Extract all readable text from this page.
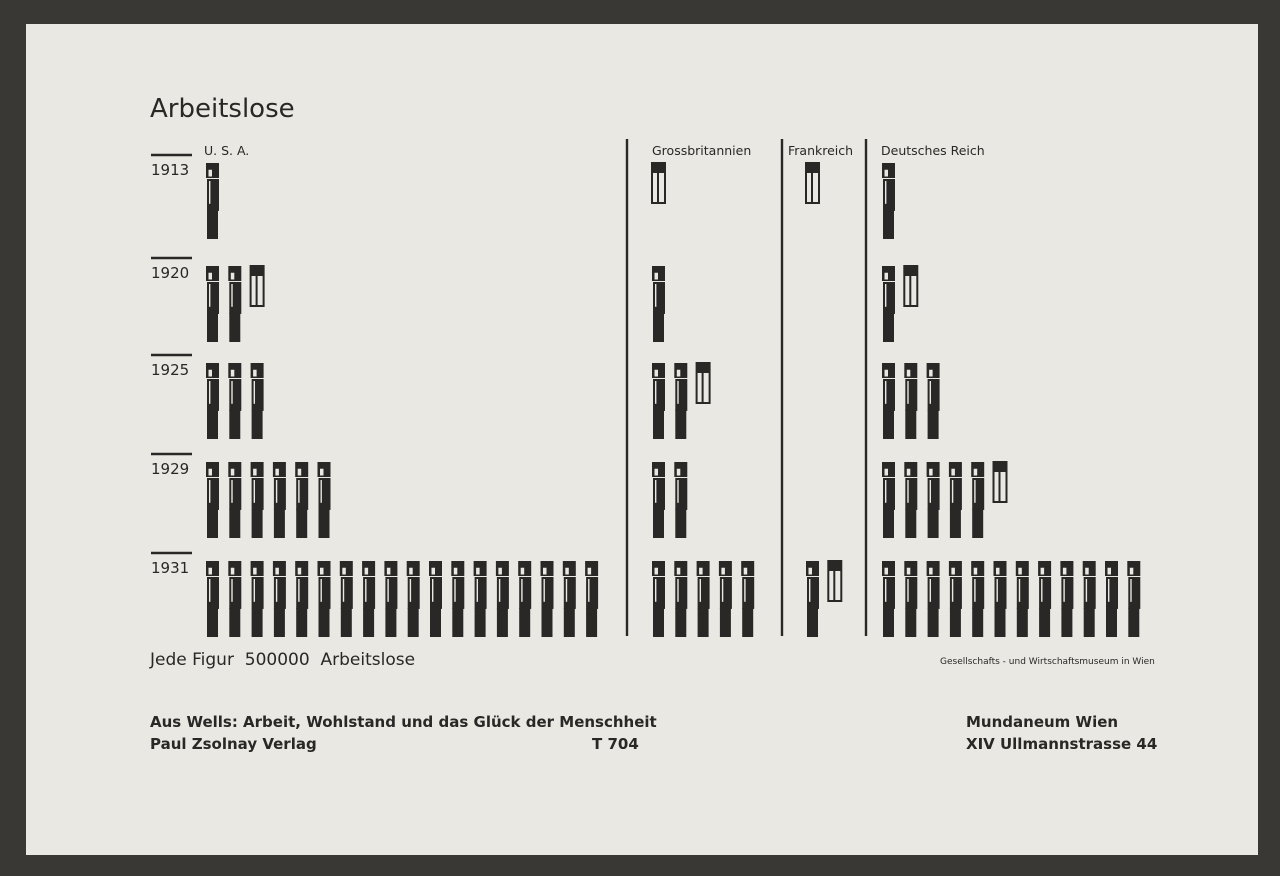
U. S. A.	Grossbritannien	Frankreich Deutsches Reich
1913
1920
1925
1929
1931
Arbeitslose
Jede Figur 500000 Arbeitslose	Gesellschafts - und Wirtschaftsmuseum in Wien
Aus Wells: Arbeit, Wohlstand und das Glück der Menschheit
Paul Zsolnay Verlag	T 704
Mundaneum Wien
XIV Ullmannstrasse 44
